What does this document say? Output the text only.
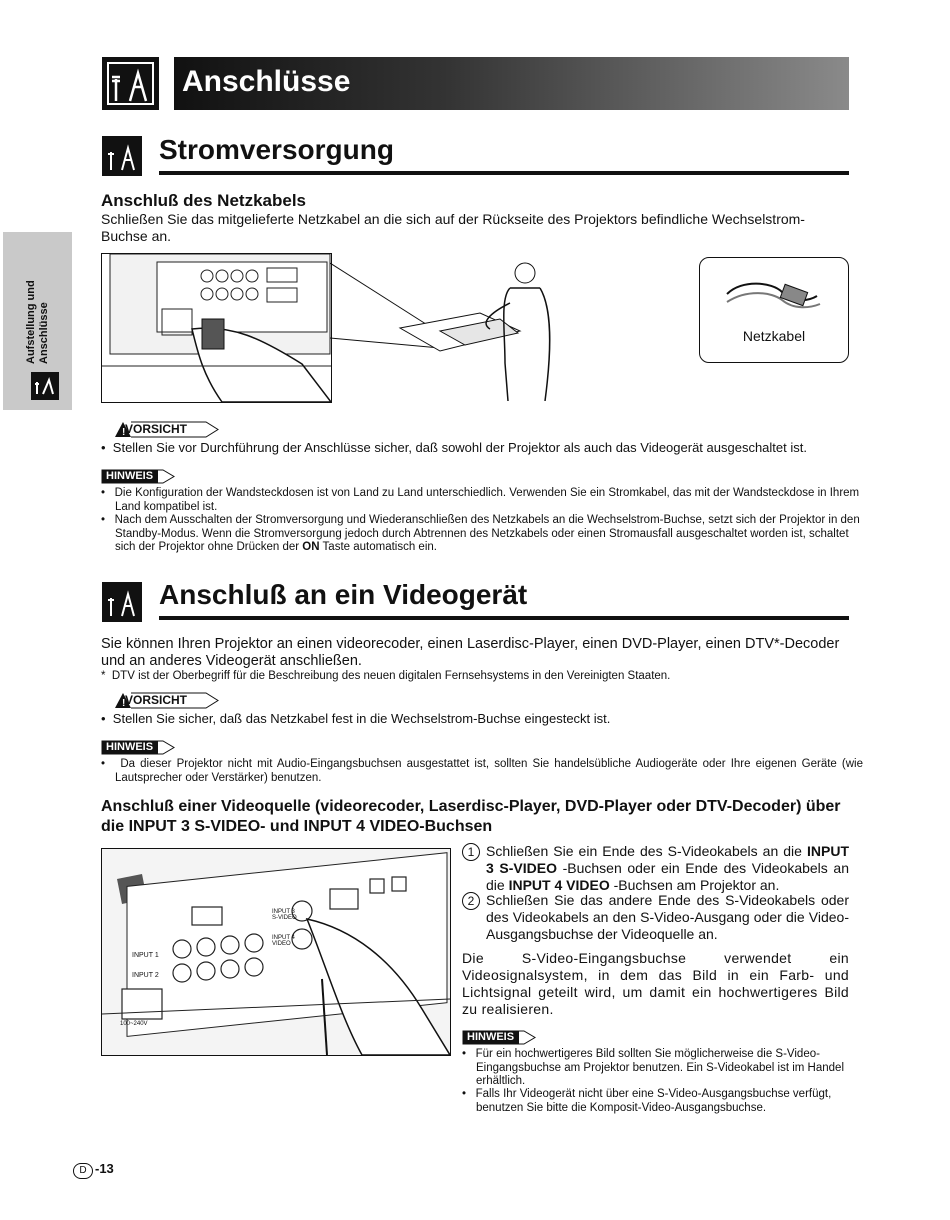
Aufstellung und Anschlüsse
Anschlüsse
Stromversorgung
Anschluß des Netzkabels
Schließen Sie das mitgelieferte Netzkabel an die sich auf der Rückseite des Projektors befindliche Wechselstrom-Buchse an.
Netzkabel
! VORSICHT
•  Stellen Sie vor Durchführung der Anschlüsse sicher, daß sowohl der Projektor als auch das Videogerät ausgeschaltet ist.
HINWEIS
•   Die Konfiguration der Wandsteckdosen ist von Land zu Land unterschiedlich. Verwenden Sie ein Stromkabel, das mit der Wandsteckdose in Ihrem Land kompatibel ist.
•   Nach dem Ausschalten der Stromversorgung und Wiederanschließen des Netzkabels an die Wechselstrom-Buchse, setzt sich der Projektor in den Standby-Modus. Wenn die Stromversorgung jedoch durch Abtrennen des Netzkabels oder einen Stromausfall ausgeschaltet worden ist, schaltet sich der Projektor ohne Drücken der ON Taste automatisch ein.
Anschluß an ein Videogerät
Sie können Ihren Projektor an einen videorecoder, einen Laserdisc-Player, einen DVD-Player, einen DTV*-Decoder und an anderes Videogerät anschließen.
*  DTV ist der Oberbegriff für die Beschreibung des neuen digitalen Fernsehsystems in den Vereinigten Staaten.
! VORSICHT
•  Stellen Sie sicher, daß das Netzkabel fest in die Wechselstrom-Buchse eingesteckt ist.
HINWEIS
•   Da dieser Projektor nicht mit Audio-Eingangsbuchsen ausgestattet ist, sollten Sie handelsübliche Audiogeräte oder Ihre eigenen Geräte (wie Lautsprecher oder Verstärker) benutzen.
Anschluß einer Videoquelle (videorecoder, Laserdisc-Player, DVD-Player oder DTV-Decoder) über die INPUT 3 S-VIDEO- und INPUT 4 VIDEO-Buchsen
INPUT 1
INPUT 2
INPUT 3 S-VIDEO
INPUT 4 VIDEO
100~240V
1 Schließen Sie ein Ende des S-Videokabels an die INPUT 3 S-VIDEO -Buchsen oder ein Ende des Videokabels an die INPUT 4 VIDEO -Buchsen am Projektor an.
2 Schließen Sie das andere Ende des S-Videokabels oder des Videokabels an den S-Video-Ausgang oder die Video-Ausgangsbuchse der Videoquelle an.
Die S-Video-Eingangsbuchse verwendet ein Videosignalsystem, in dem das Bild in ein Farb- und Lichtsignal geteilt wird, um damit ein hochwertigeres Bild zu realisieren.
HINWEIS
•   Für ein hochwertigeres Bild sollten Sie möglicherweise die S-Video-Eingangsbuchse am Projektor benutzen. Ein S-Videokabel ist im Handel erhältlich.
•   Falls Ihr Videogerät nicht über eine S-Video-Ausgangsbuchse verfügt, benutzen Sie bitte die Komposit-Video-Ausgangsbuchse.
D -13
